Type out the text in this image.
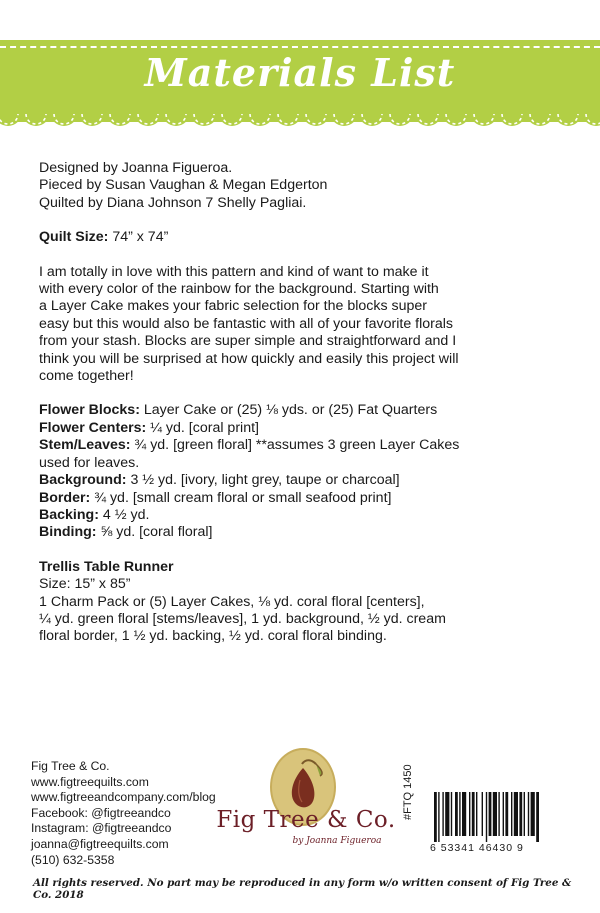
Materials List

Designed by Joanna Figueroa.

Pieced by Susan Vaughan & Megan Edgerton

Quilted by Diana Johnson 7 Shelly Pagliai.

Quilt Size: 74” x 74”

I am totally in love with this pattern and kind of want to make it

with every color of the rainbow for the background. Starting with

a Layer Cake makes your fabric selection for the blocks super

easy but this would also be fantastic with all of your favorite florals

from your stash. Blocks are super simple and straightforward and I

think you will be surprised at how quickly and easily this project will

come together!

Flower Blocks: Layer Cake or (25) ⅛ yds. or (25) Fat Quarters

Flower Centers: ¼ yd. [coral print]

Stem/Leaves: ¾ yd. [green floral] **assumes 3 green Layer Cakes

used for leaves.

Background: 3 ½ yd. [ivory, light grey, taupe or charcoal]

Border: ¾ yd. [small cream floral or small seafood print]

Backing: 4 ½ yd.

Binding: ⅝ yd. [coral floral]

Trellis Table Runner

Size: 15” x 85”

1 Charm Pack or (5) Layer Cakes, ⅛ yd. coral floral [centers],

¼ yd. green floral [stems/leaves], 1 yd. background, ½ yd. cream

floral border, 1 ½ yd. backing, ½ yd. coral floral binding.

Fig Tree & Co.

www.figtreequilts.com

www.figtreeandcompany.com/blog

Facebook: @figtreeandco

Instagram: @figtreeandco

joanna@figtreequilts.com

(510) 632-5358

Fig Tree & Co.
by Joanna Figueroa
#FTQ 1450
6 53341 46430 9
All rights reserved. No part may be reproduced in any form w/o written consent of Fig Tree & Co. 2018
